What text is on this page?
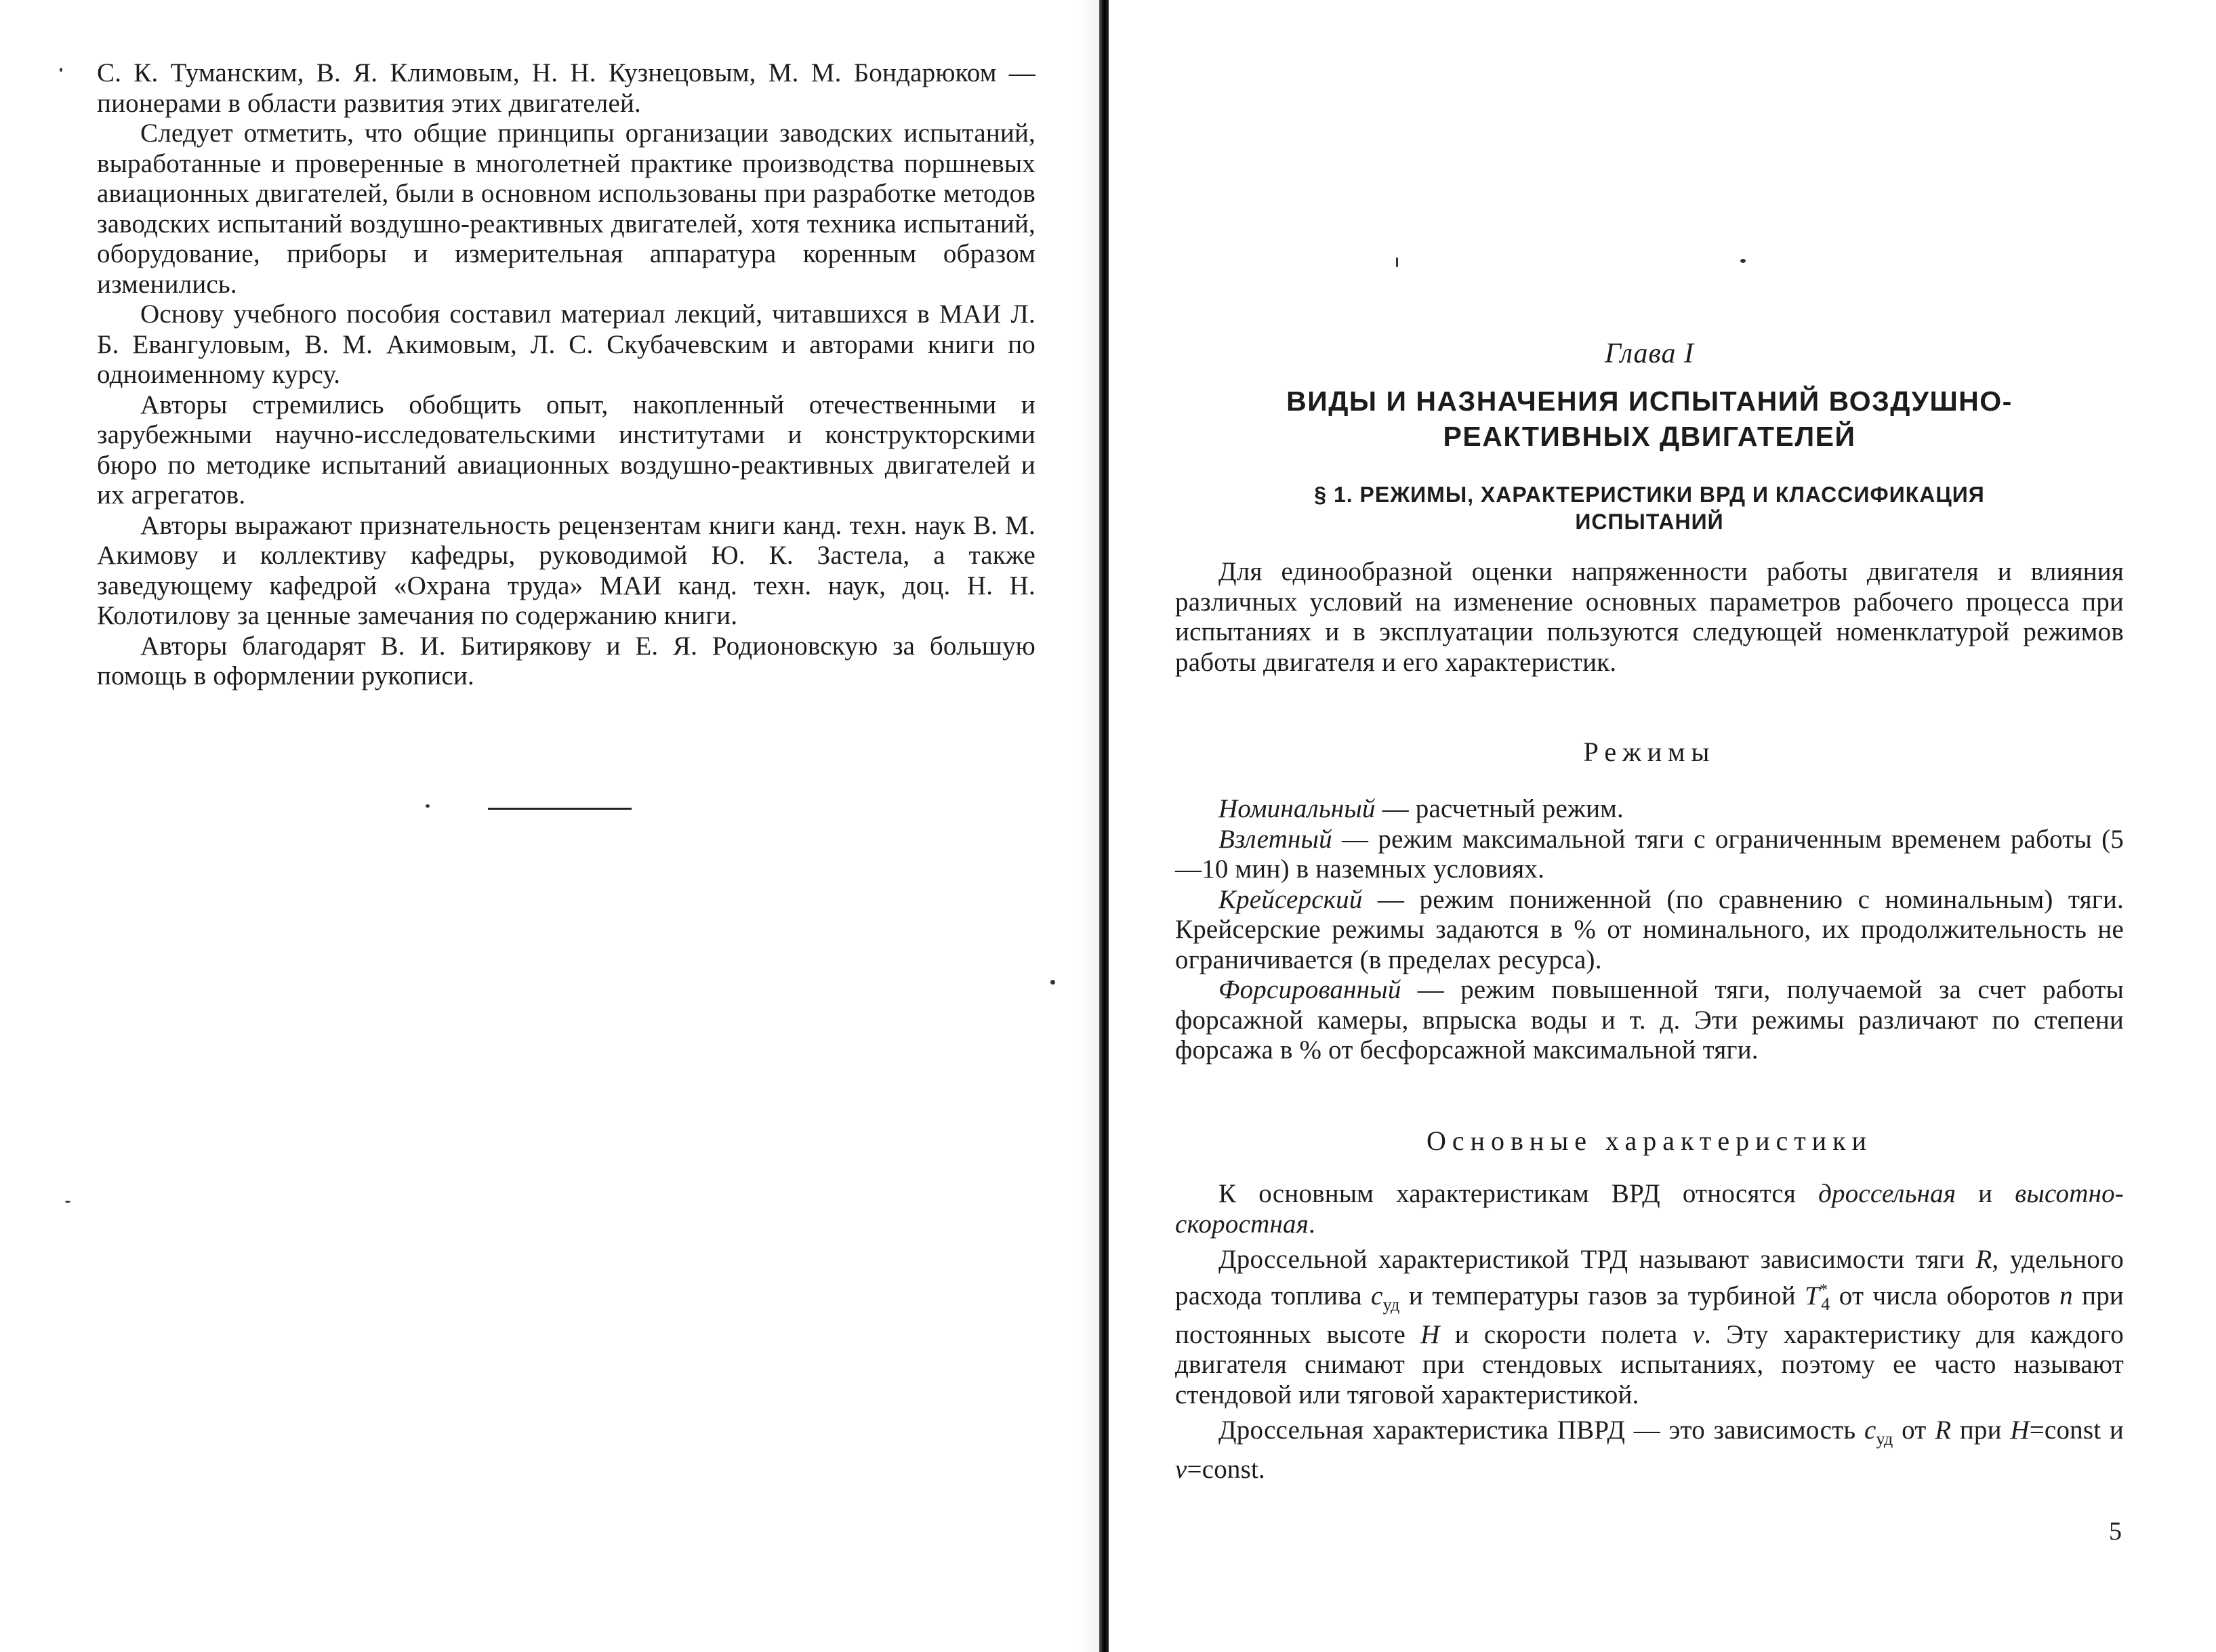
С. К. Туманским, В. Я. Климовым, Н. Н. Кузнецовым, М. М. Бондарюком — пионерами в области развития этих двигателей.

Следует отметить, что общие принципы организации заводских испытаний, выработанные и проверенные в многолетней практике производства поршневых авиационных двигателей, были в основном использованы при разработке методов заводских испытаний воздушно-реактивных двигателей, хотя техника испытаний, оборудование, приборы и измерительная аппаратура коренным образом изменились.

Основу учебного пособия составил материал лекций, читавшихся в МАИ Л. Б. Евангуловым, В. М. Акимовым, Л. С. Скубачевским и авторами книги по одноименному курсу.

Авторы стремились обобщить опыт, накопленный отечественными и зарубежными научно-исследовательскими институтами и конструкторскими бюро по методике испытаний авиационных воздушно-реактивных двигателей и их агрегатов.

Авторы выражают признательность рецензентам книги канд. техн. наук В. М. Акимову и коллективу кафедры, руководимой Ю. К. Застела, а также заведующему кафедрой «Охрана труда» МАИ канд. техн. наук, доц. Н. Н. Колотилову за ценные замечания по содержанию книги.

Авторы благодарят В. И. Битирякову и Е. Я. Родионовскую за большую помощь в оформлении рукописи.

Глава I
ВИДЫ И НАЗНАЧЕНИЯ ИСПЫТАНИЙ ВОЗДУШНО-
РЕАКТИВНЫХ ДВИГАТЕЛЕЙ
§ 1. РЕЖИМЫ, ХАРАКТЕРИСТИКИ ВРД И КЛАССИФИКАЦИЯ
ИСПЫТАНИЙ

Для единообразной оценки напряженности работы двигателя и влияния различных условий на изменение основных параметров рабочего процесса при испытаниях и в эксплуатации пользуются следующей номенклатурой режимов работы двигателя и его характеристик.

Режимы

Номинальный — расчетный режим.

Взлетный — режим максимальной тяги с ограниченным временем работы (5—10 мин) в наземных условиях.

Крейсерский — режим пониженной (по сравнению с номинальным) тяги. Крейсерские режимы задаются в % от номинального, их продолжительность не ограничивается (в пределах ресурса).

Форсированный — режим повышенной тяги, получаемой за счет работы форсажной камеры, впрыска воды и т. д. Эти режимы различают по степени форсажа в % от бесфорсажной максимальной тяги.

Основные характеристики

К основным характеристикам ВРД относятся дроссельная и высотно-скоростная.

Дроссельной характеристикой ТРД называют зависимости тяги R, удельного расхода топлива $c_{уд}$ и температуры газов за турбиной $T^*_4$ от числа оборотов n при постоянных высоте H и скорости полета v. Эту характеристику для каждого двигателя снимают при стендовых испытаниях, поэтому ее часто называют стендовой или тяговой характеристикой.

Дроссельная характеристика ПВРД — это зависимость $c_{уд}$ от R при H=const и v=const.

5
